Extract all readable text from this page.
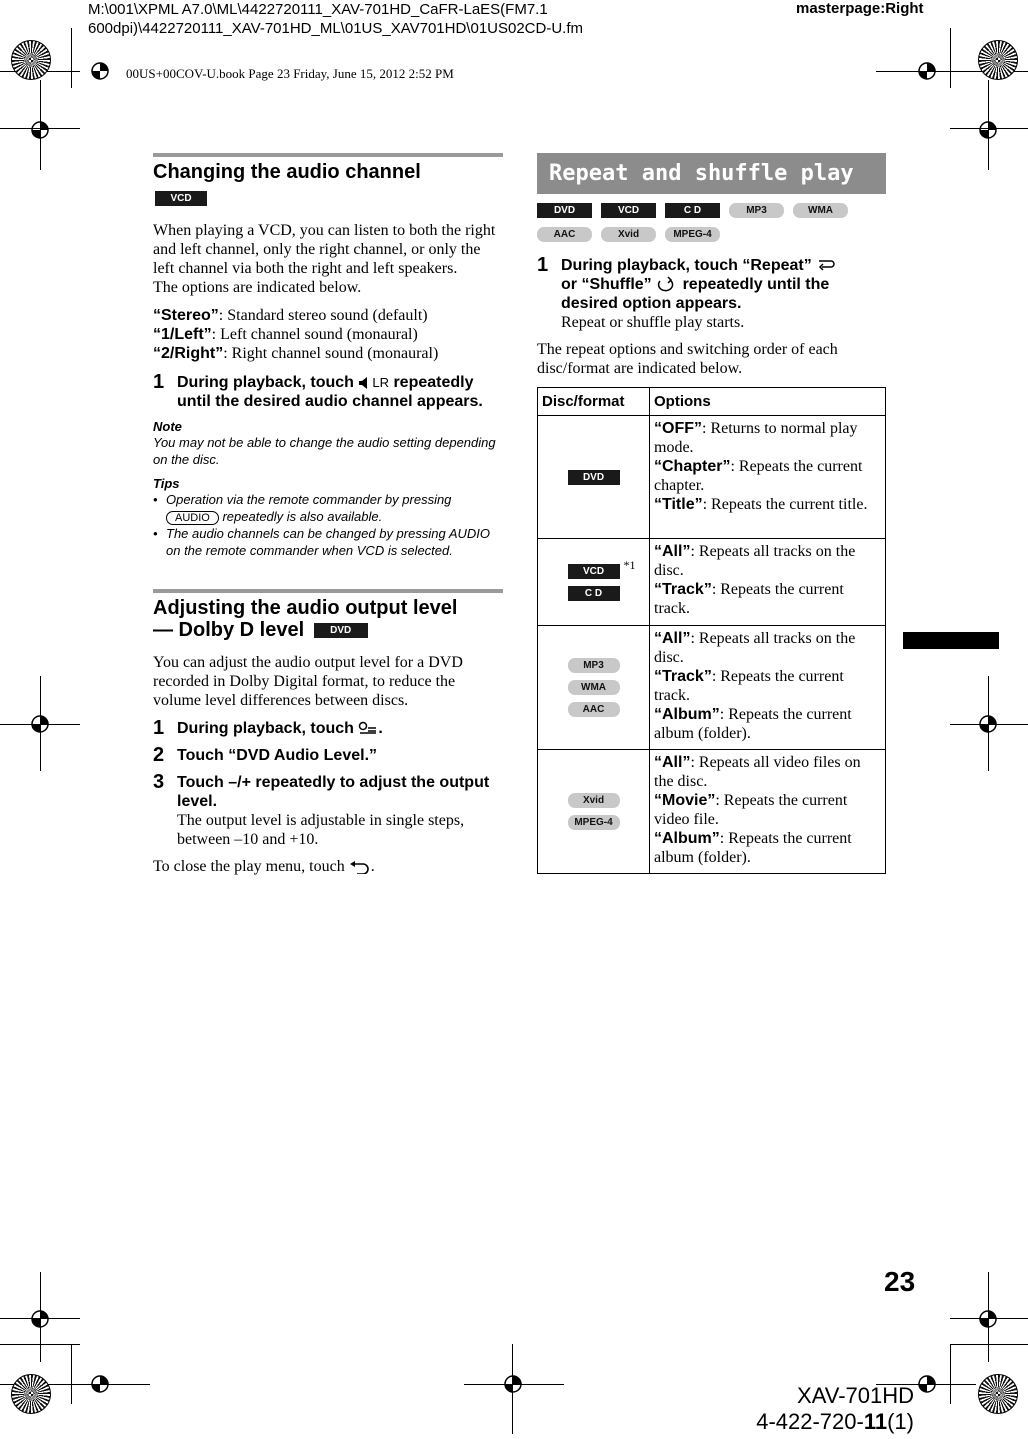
M:\001\XPML A7.0\ML\4422720111_XAV-701HD_CaFR-LaES(FM7.1
600dpi)\4422720111_XAV-701HD_ML\01US_XAV701HD\01US02CD-U.fm
masterpage:Right
00US+00COV-U.book Page 23 Friday, June 15, 2012 2:52 PM
Changing the audio channel
VCD

When playing a VCD, you can listen to both the right and left channel, only the right channel, or only the left channel via both the right and left speakers.

The options are indicated below.

“Stereo”: Standard stereo sound (default)
“1/Left”: Left channel sound (monaural)
“2/Right”: Right channel sound (monaural)

1 During playback, touch LR repeatedly until the desired audio channel appears.

Note

You may not be able to change the audio setting depending on the disc.

Tips

• Operation via the remote commander by pressing
AUDIO repeatedly is also available.
• The audio channels can be changed by pressing AUDIO on the remote commander when VCD is selected.
Adjusting the audio output level
— Dolby D level	DVD

You can adjust the audio output level for a DVD recorded in Dolby Digital format, to reduce the volume level differences between discs.

1 During playback, touch .
2 Touch “DVD Audio Level.”
3 Touch –/+ repeatedly to adjust the output level.
The output level is adjustable in single steps, between –10 and +10.

To close the play menu, touch .

Repeat and shuffle play
DVD	VCD	C D	MP3	WMA
AAC	Xvid	MPEG-4
1 During playback, touch “Repeat”
or “Shuffle” repeatedly until the desired option appears.
Repeat or shuffle play starts.

The repeat options and switching order of each disc/format are indicated below.

Disc/format	Options

DVD	“OFF”: Returns to normal play mode.
“Chapter”: Repeats the current chapter.
“Title”: Repeats the current title.

VCD *1
C D	“All”: Repeats all tracks on the disc.
“Track”: Repeats the current track.

MP3
WMA
AAC	“All”: Repeats all tracks on the disc.
“Track”: Repeats the current track.
“Album”: Repeats the current album (folder).

Xvid
MPEG-4	“All”: Repeats all video files on the disc.
“Movie”: Repeats the current video file.
“Album”: Repeats the current album (folder).
23
XAV-701HD
4-422-720-11(1)
